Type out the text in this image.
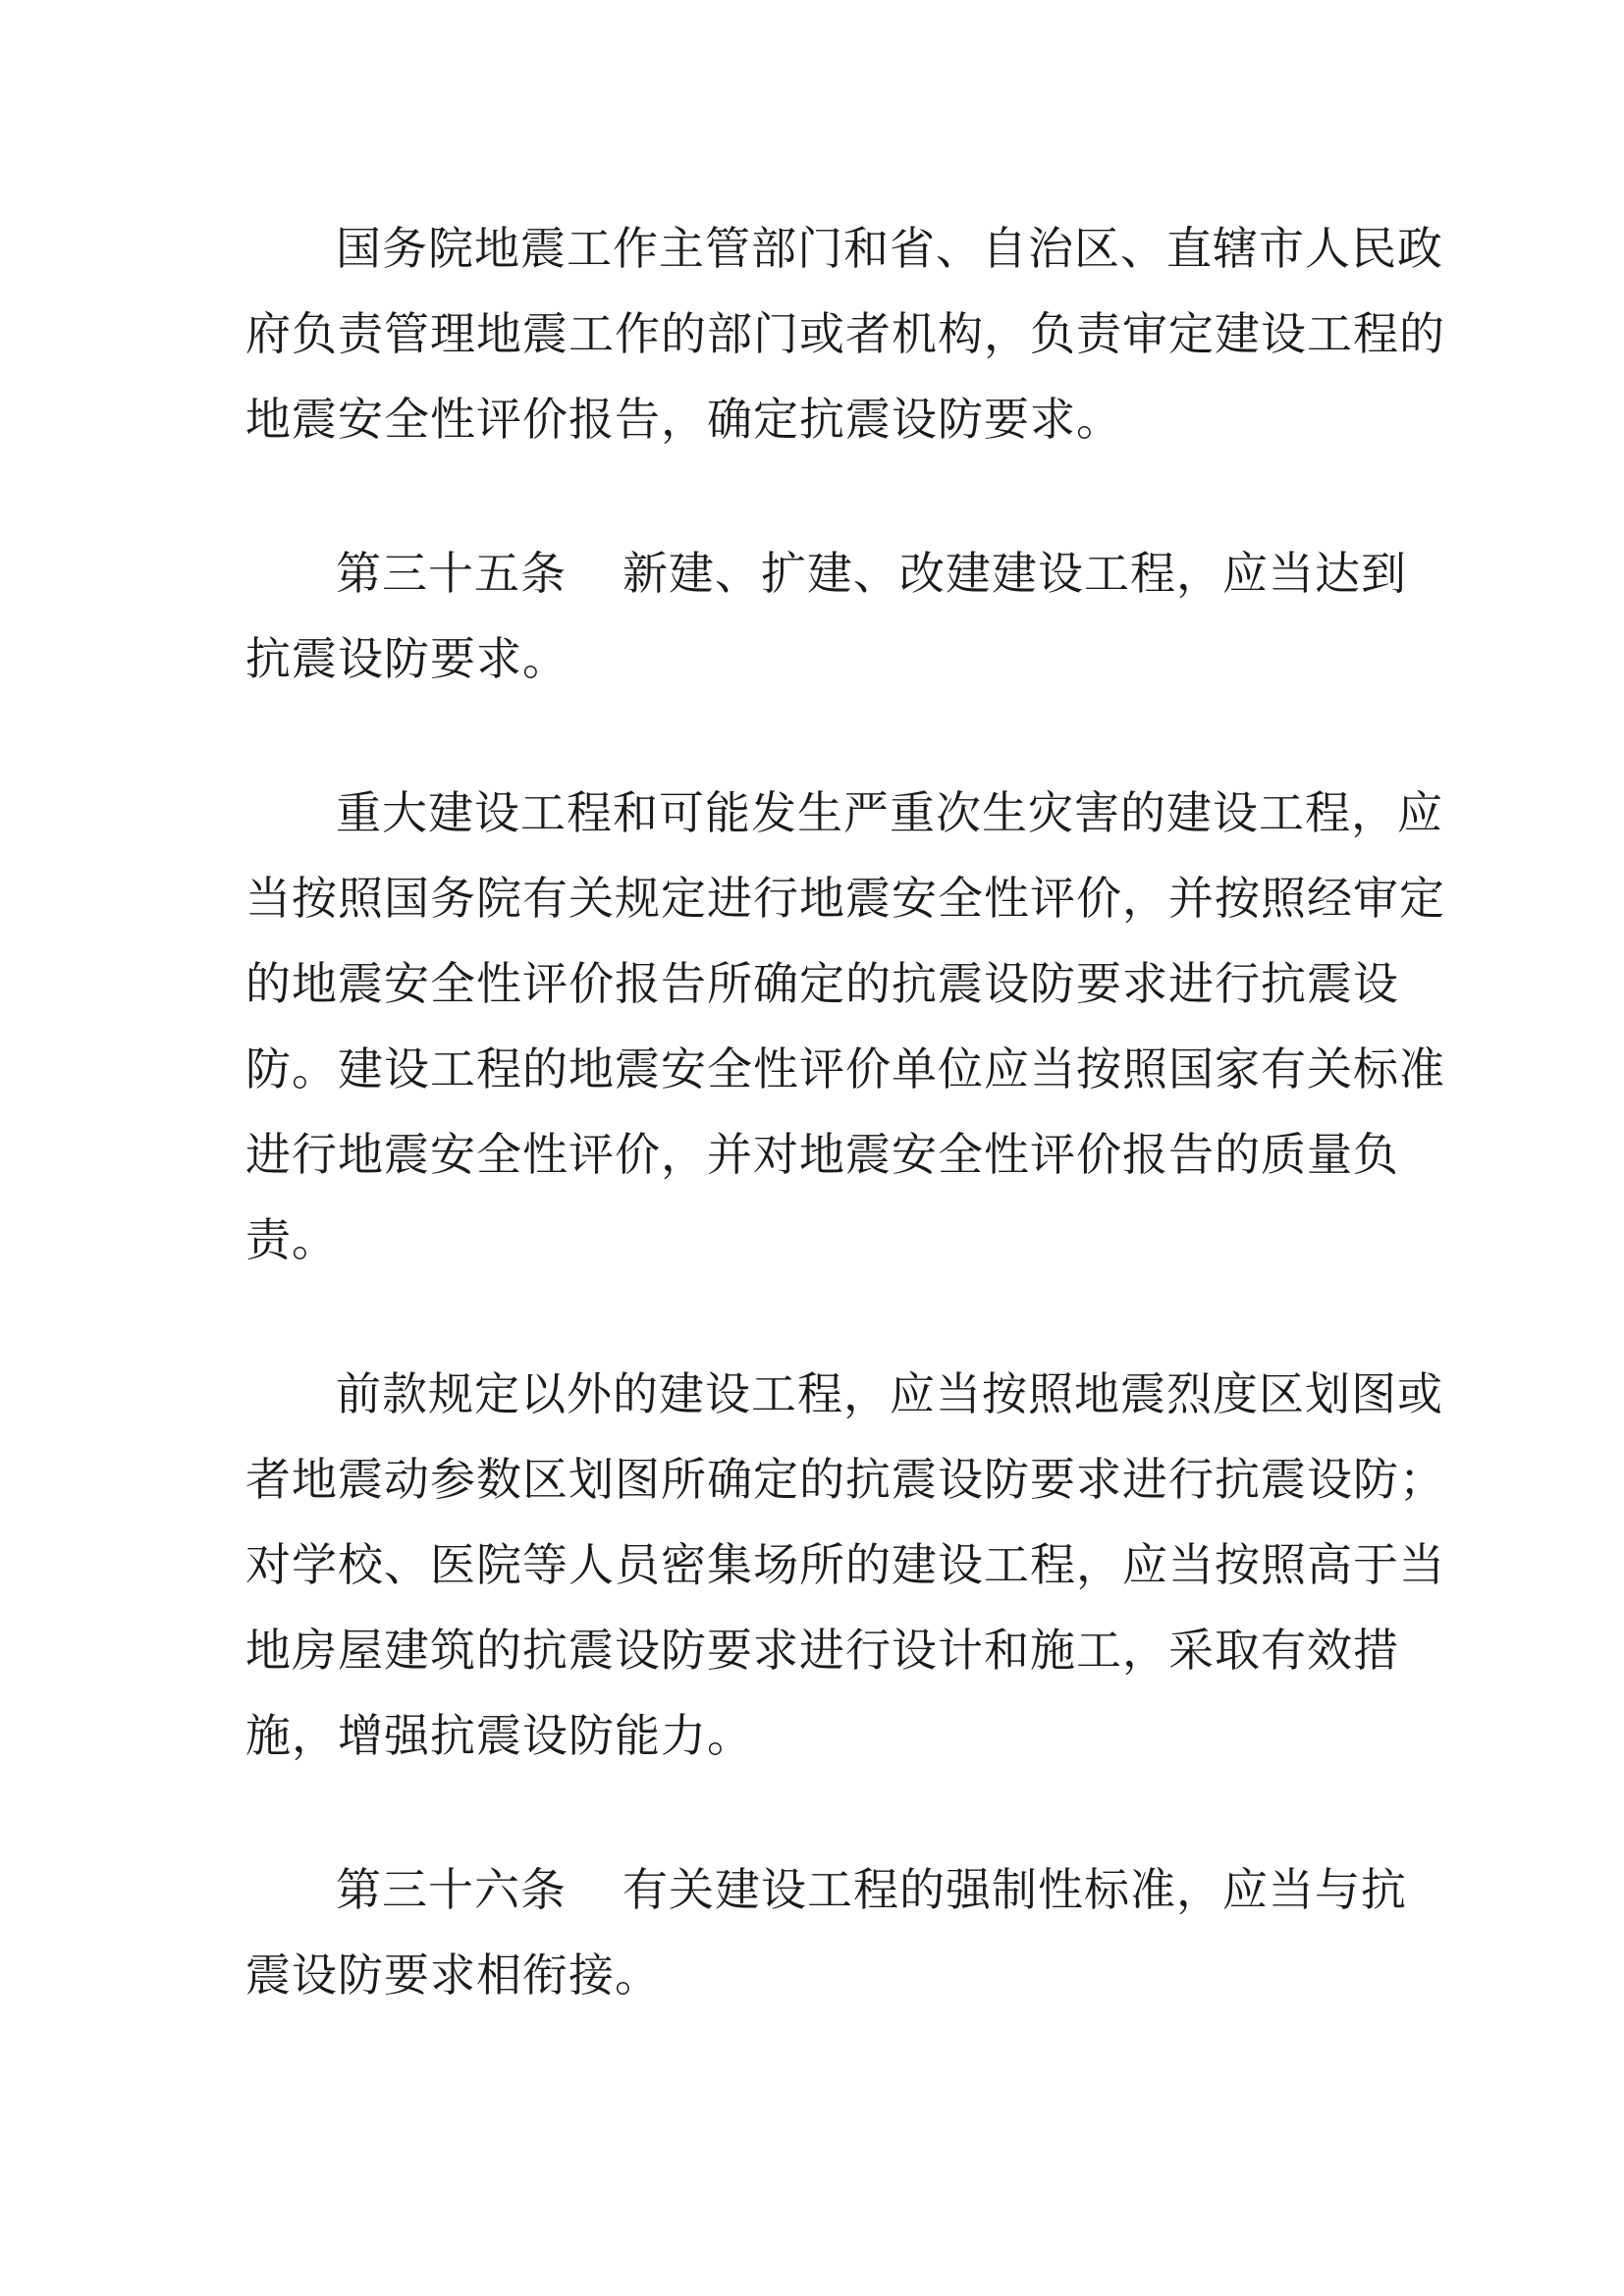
国务院地震工作主管部门和省、自治区、直辖市人民政
府负责管理地震工作的部门或者机构，负责审定建设工程的
地震安全性评价报告，确定抗震设防要求。
第三十五条 新建、扩建、改建建设工程，应当达到
抗震设防要求。
重大建设工程和可能发生严重次生灾害的建设工程，应
当按照国务院有关规定进行地震安全性评价，并按照经审定
的地震安全性评价报告所确定的抗震设防要求进行抗震设
防。建设工程的地震安全性评价单位应当按照国家有关标准
进行地震安全性评价，并对地震安全性评价报告的质量负
责。
前款规定以外的建设工程，应当按照地震烈度区划图或
者地震动参数区划图所确定的抗震设防要求进行抗震设防；
对学校、医院等人员密集场所的建设工程，应当按照高于当
地房屋建筑的抗震设防要求进行设计和施工，采取有效措
施，增强抗震设防能力。
第三十六条 有关建设工程的强制性标准，应当与抗
震设防要求相衔接。
